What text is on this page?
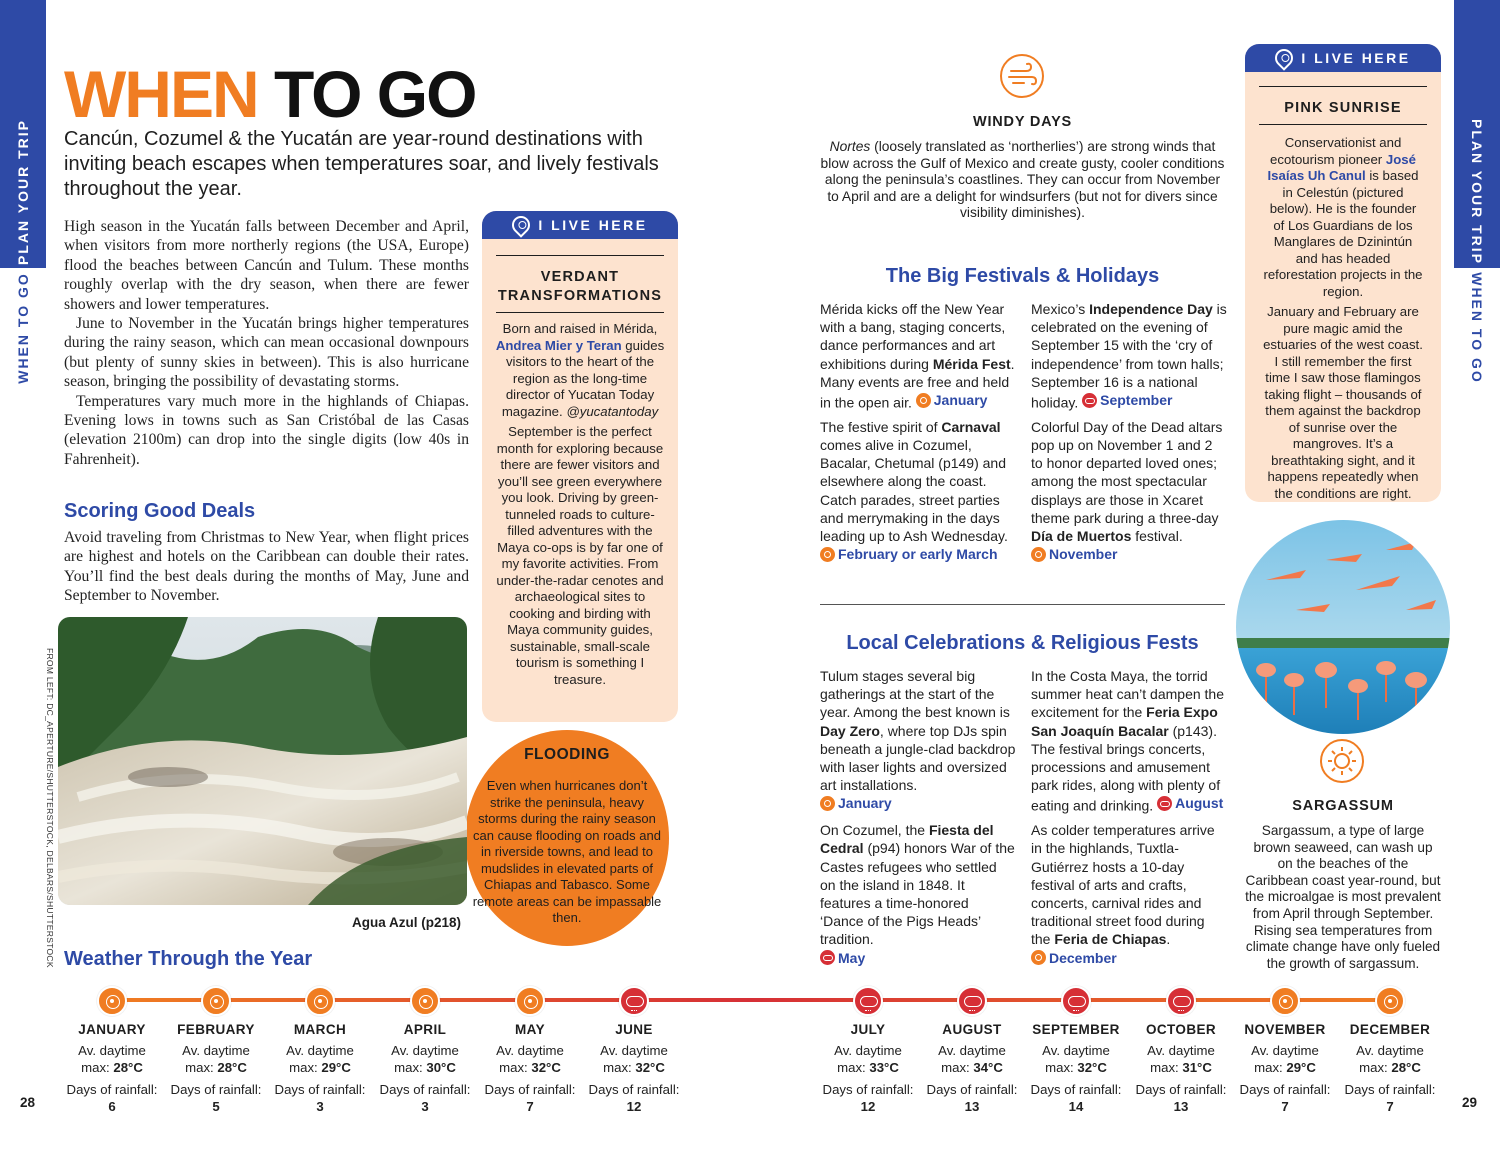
PLAN YOUR TRIP
WHEN TO GO
PLAN YOUR TRIP
WHEN TO GO
WHEN TO GO
Cancún, Cozumel & the Yucatán are year-round destinations with inviting beach escapes when temperatures soar, and lively festivals throughout the year.

High season in the Yucatán falls between December and April, when visitors from more northerly regions (the USA, Europe) flood the beaches between Cancún and Tulum. These months roughly overlap with the dry season, when there are fewer showers and lower temperatures.

June to November in the Yucatán brings higher temperatures during the rainy season, which can mean occasional downpours (but plenty of sunny skies in between). This is also hurricane season, bringing the possibility of devastating storms.

Temperatures vary much more in the highlands of Chiapas. Evening lows in towns such as San Cristóbal de las Casas (elevation 2100m) can drop into the single digits (low 40s in Fahrenheit).

Scoring Good Deals

Avoid traveling from Christmas to New Year, when flight prices are highest and hotels on the Caribbean can double their rates. You’ll find the best deals during the months of May, June and September to November.

I LIVE HERE
VERDANT
TRANSFORMATIONS

Born and raised in Mérida, Andrea Mier y Teran guides visitors to the heart of the region as the long-time director of Yucatan Today magazine. @yucatantoday

September is the perfect month for exploring because there are fewer visitors and you’ll see green everywhere you look. Driving by green-tunneled roads to culture-filled adventures with the Maya co-ops is by far one of my favorite activities. From under-the-radar cenotes and archaeological sites to cooking and birding with Maya community guides, sustainable, small-scale tourism is something I treasure.

FLOODING
Even when hurricanes don’t strike the peninsula, heavy storms during the rainy season can cause flooding on roads and in riverside towns, and lead to mudslides in elevated parts of Chiapas and Tabasco. Some remote areas can be impassable then.
Agua Azul (p218)
FROM LEFT: DC_APERTURE/SHUTTERSTOCK, DELBARS/SHUTTERSTOCK
WINDY DAYS
Nortes (loosely translated as ‘northerlies’) are strong winds that blow across the Gulf of Mexico and create gusty, cooler conditions along the peninsula’s coastlines. They can occur from November to April and are a delight for windsurfers (but not for divers since visibility diminishes).
The Big Festivals & Holidays

Mérida kicks off the New Year with a bang, staging concerts, dance performances and art exhibitions during Mérida Fest. Many events are free and held in the open air. January

The festive spirit of Carnaval comes alive in Cozumel, Bacalar, Chetumal (p149) and elsewhere along the coast. Catch parades, street parties and merrymaking in the days leading up to Ash Wednesday.

February or early March

Mexico’s Independence Day is celebrated on the evening of September 15 with the ‘cry of independence’ from town halls; September 16 is a national holiday. September

Colorful Day of the Dead altars pop up on November 1 and 2 to honor departed loved ones; among the most spectacular displays are those in Xcaret theme park during a three-day Día de Muertos festival.

November

Local Celebrations & Religious Fests

Tulum stages several big gatherings at the start of the year. Among the best known is Day Zero, where top DJs spin beneath a jungle-clad backdrop with laser lights and oversized art installations.

January

On Cozumel, the Fiesta del Cedral (p94) honors War of the Castes refugees who settled on the island in 1848. It features a time-honored ‘Dance of the Pigs Heads’ tradition.

May

In the Costa Maya, the torrid summer heat can’t dampen the excitement for the Feria Expo San Joaquín Bacalar (p143). The festival brings concerts, processions and amusement park rides, along with plenty of eating and drinking. August

As colder temperatures arrive in the highlands, Tuxtla-Gutiérrez hosts a 10-day festival of arts and crafts, concerts, carnival rides and traditional street food during the Feria de Chiapas.

December

I LIVE HERE
PINK SUNRISE

Conservationist and ecotourism pioneer José Isaías Uh Canul is based in Celestún (pictured below). He is the founder of Los Guardians de los Manglares de Dzinintún and has headed reforestation projects in the region.

January and February are pure magic amid the estuaries of the west coast. I still remember the first time I saw those flamingos taking flight – thousands of them against the backdrop of sunrise over the mangroves. It’s a breathtaking sight, and it happens repeatedly when the conditions are right.

SARGASSUM
Sargassum, a type of large brown seaweed, can wash up on the beaches of the Caribbean coast year-round, but the microalgae is most prevalent from April through September. Rising sea temperatures from climate change have only fueled the growth of sargassum.
Weather Through the Year
JANUARY
Av. daytime
max: 28°C
Days of rainfall:
6
FEBRUARY
Av. daytime
max: 28°C
Days of rainfall:
5
MARCH
Av. daytime
max: 29°C
Days of rainfall:
3
APRIL
Av. daytime
max: 30°C
Days of rainfall:
3
MAY
Av. daytime
max: 32°C
Days of rainfall:
7
JUNE
Av. daytime
max: 32°C
Days of rainfall:
12
JULY
Av. daytime
max: 33°C
Days of rainfall:
12
AUGUST
Av. daytime
max: 34°C
Days of rainfall:
13
SEPTEMBER
Av. daytime
max: 32°C
Days of rainfall:
14
OCTOBER
Av. daytime
max: 31°C
Days of rainfall:
13
NOVEMBER
Av. daytime
max: 29°C
Days of rainfall:
7
DECEMBER
Av. daytime
max: 28°C
Days of rainfall:
7
28	29
